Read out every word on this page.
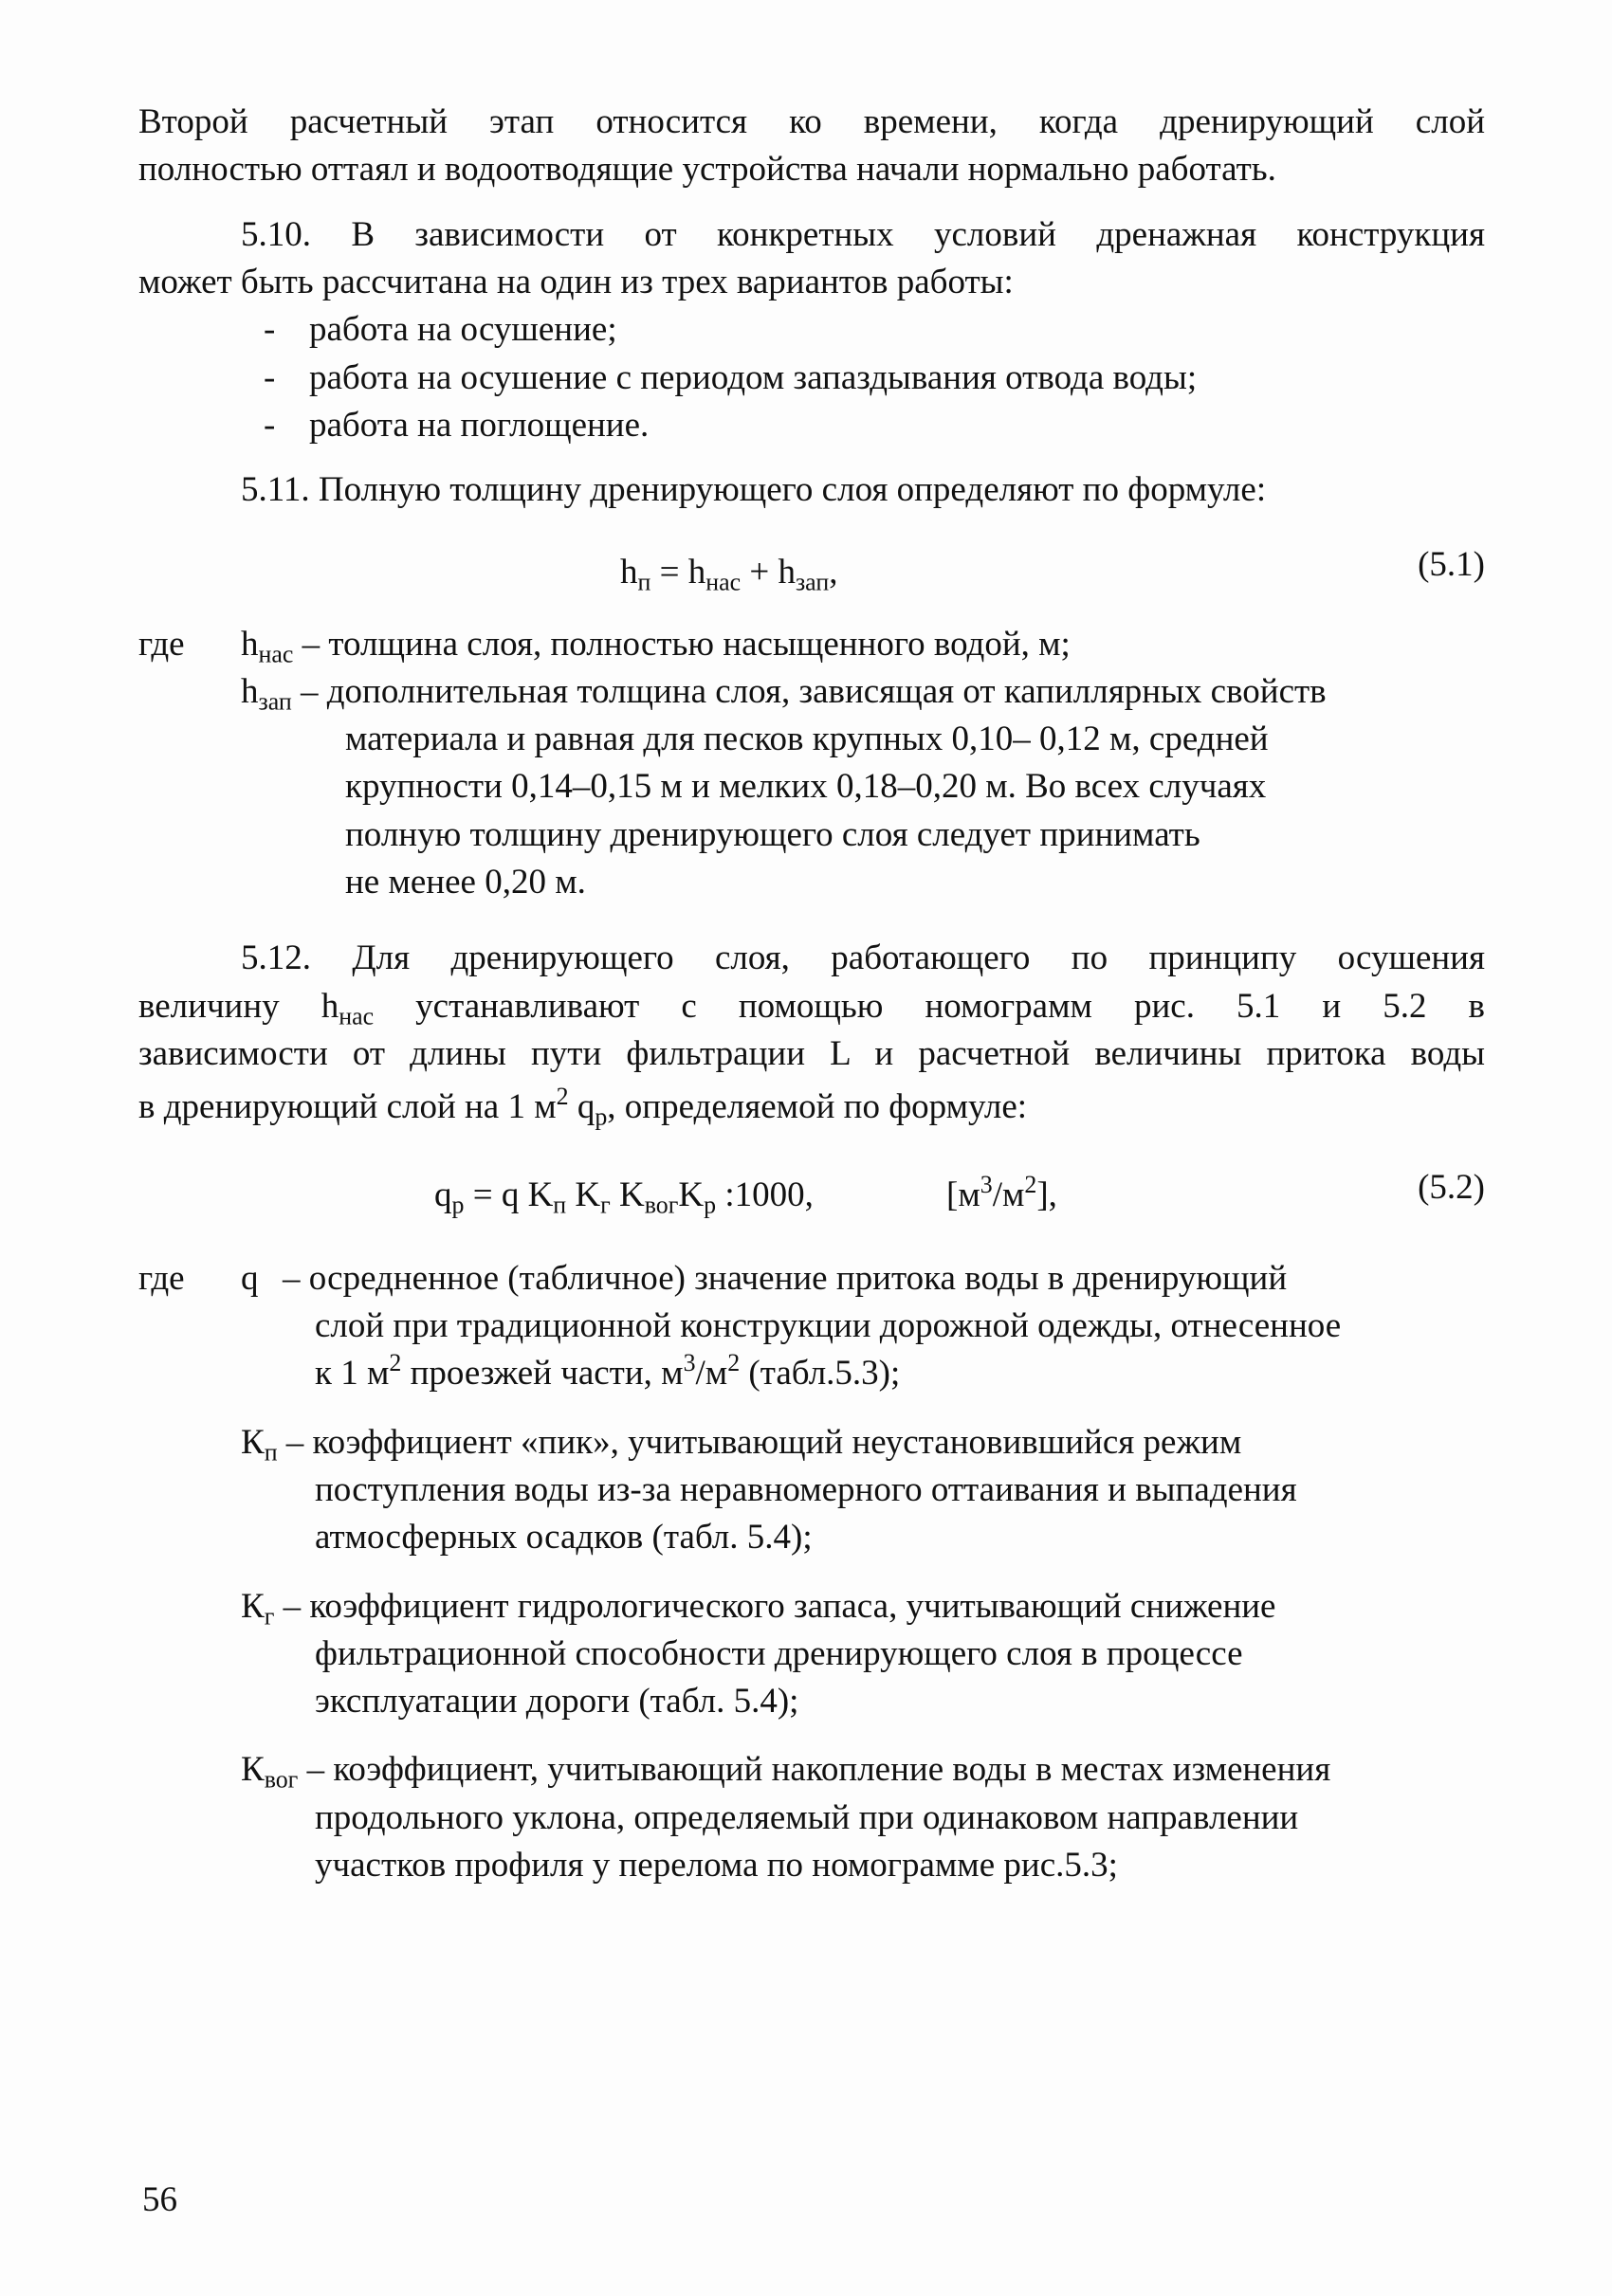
Второй расчетный этап относится ко времени, когда дренирующий слой

полностью оттаял и водоотводящие устройства начали нормально работать.

5.10. В зависимости от конкретных условий дренажная конструкция

может быть рассчитана на один из трех вариантов работы:

- работа на осушение;
- работа на осушение с периодом запаздывания отвода воды;
- работа на поглощение.

5.11. Полную толщину дренирующего слоя определяют по формуле:

$h_п = h_{нас} + h_{зап}$,	(5.1)
где	$h_{нас}$ – толщина слоя, полностью насыщенного водой, м;
$h_{зап}$ – дополнительная толщина слоя, зависящая от капиллярных свойств
материала и равная для песков крупных 0,10– 0,12 м, средней
крупности 0,14–0,15 м и мелких 0,18–0,20 м. Во всех случаях
полную толщину дренирующего слоя следует принимать
не менее 0,20 м.

5.12. Для дренирующего слоя, работающего по принципу осушения

величину $h_{нас}$ устанавливают с помощью номограмм рис. 5.1 и 5.2 в

зависимости от длины пути фильтрации L и расчетной величины притока воды

в дренирующий слой на 1 $м^2$ $q_р$, определяемой по формуле:

$q_р = q$ $K_п$ $K_г$ $K_{вог}K_р$ :1000,	$[м^3/м^2]$,	(5.2)
где	q – осредненное (табличное) значение притока воды в дренирующий
слой при традиционной конструкции дорожной одежды, отнесенное
к 1 $м^2$ проезжей части, $м^3/м^2$ (табл.5.3);
$К_п$ – коэффициент «пик», учитывающий неустановившийся режим
поступления воды из-за неравномерного оттаивания и выпадения
атмосферных осадков (табл. 5.4);
$К_г$ – коэффициент гидрологического запаса, учитывающий снижение
фильтрационной способности дренирующего слоя в процессе
эксплуатации дороги (табл. 5.4);
$К_{вог}$ – коэффициент, учитывающий накопление воды в местах изменения
продольного уклона, определяемый при одинаковом направлении
участков профиля у перелома по номограмме рис.5.3;
56
